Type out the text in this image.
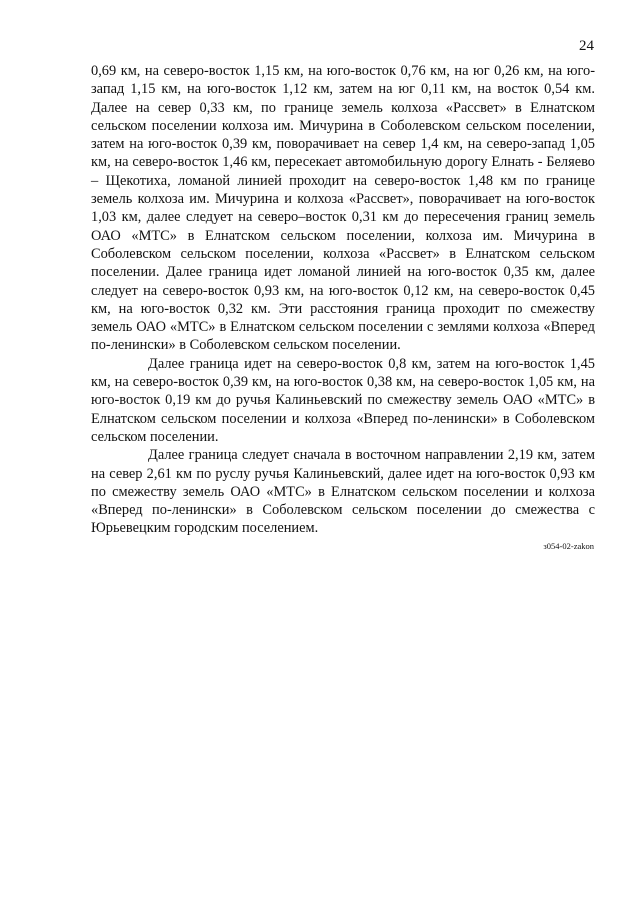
24

0,69 км, на северо-восток 1,15 км, на юго-восток 0,76 км, на юг 0,26 км, на юго-запад 1,15 км, на юго-восток 1,12 км, затем на юг 0,11 км, на восток 0,54 км. Далее на север 0,33 км, по границе земель колхоза «Рассвет» в Елнатском сельском поселении колхоза им. Мичурина в Соболевском сельском поселении, затем на юго-восток 0,39 км, поворачивает на север 1,4 км, на северо-запад 1,05 км, на северо-восток 1,46 км, пересекает автомобильную дорогу Елнать - Беляево – Щекотиха, ломаной линией проходит на северо-восток 1,48 км по границе земель колхоза им. Мичурина и колхоза «Рассвет», поворачивает на юго-восток 1,03 км, далее следует на северо–восток 0,31 км до пересечения границ земель ОАО «МТС» в Елнатском сельском поселении, колхоза им. Мичурина в Соболевском сельском поселении, колхоза «Рассвет» в Елнатском сельском поселении. Далее граница идет ломаной линией на юго-восток 0,35 км, далее следует на северо-восток 0,93 км, на юго-восток 0,12 км, на северо-восток 0,45 км, на юго-восток 0,32 км. Эти расстояния граница проходит по смежеству земель ОАО «МТС» в Елнатском сельском поселении с землями колхоза «Вперед по-ленински» в Соболевском сельском поселении.

Далее граница идет на северо-восток 0,8 км, затем на юго-восток 1,45 км, на северо-восток 0,39 км, на юго-восток 0,38 км, на северо-восток 1,05 км, на юго-восток 0,19 км до ручья Калиньевский по смежеству земель ОАО «МТС» в Елнатском сельском поселении и колхоза «Вперед по-ленински» в Соболевском сельском поселении.

Далее граница следует сначала в восточном направлении 2,19 км, затем на север 2,61 км по руслу ручья Калиньевский, далее идет на юго-восток 0,93 км по смежеству земель ОАО «МТС» в Елнатском сельском поселении и колхоза «Вперед по-ленински» в Соболевском сельском поселении до смежества с Юрьевецким городским поселением.

з054-02-zakon
